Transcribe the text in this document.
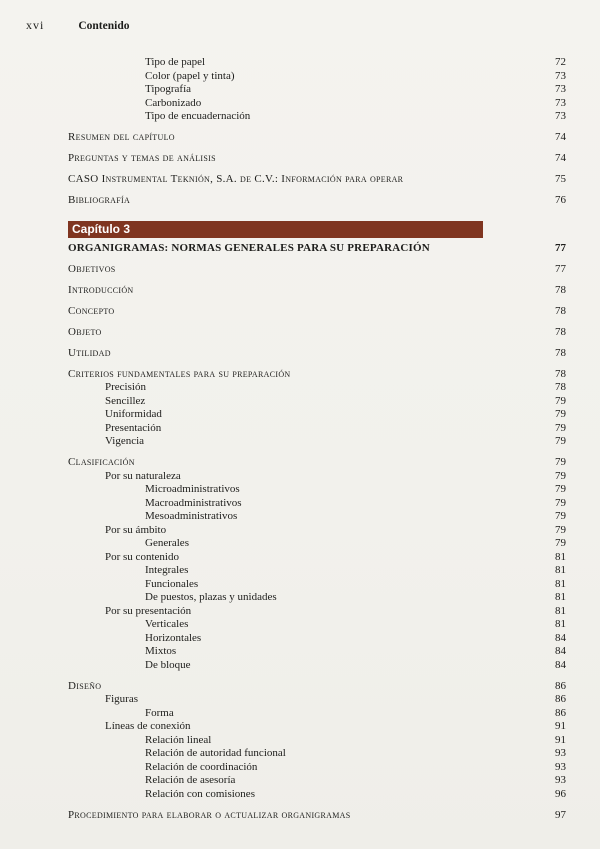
xvi	Contenido
Tipo de papel	72
Color (papel y tinta)	73
Tipografía	73
Carbonizado	73
Tipo de encuadernación	73
Resumen del capítulo	74
Preguntas y temas de análisis	74
CASO Instrumental Teknión, S.A. de C.V.: Información para operar	75
Bibliografía	76
Capítulo 3
ORGANIGRAMAS: NORMAS GENERALES PARA SU PREPARACIÓN	77
Objetivos	77
Introducción	78
Concepto	78
Objeto	78
Utilidad	78
Criterios fundamentales para su preparación	78
Precisión	78
Sencillez	79
Uniformidad	79
Presentación	79
Vigencia	79
Clasificación	79
Por su naturaleza	79
Microadministrativos	79
Macroadministrativos	79
Mesoadministrativos	79
Por su ámbito	79
Generales	79
Por su contenido	81
Integrales	81
Funcionales	81
De puestos, plazas y unidades	81
Por su presentación	81
Verticales	81
Horizontales	84
Mixtos	84
De bloque	84
Diseño	86
Figuras	86
Forma	86
Líneas de conexión	91
Relación lineal	91
Relación de autoridad funcional	93
Relación de coordinación	93
Relación de asesoría	93
Relación con comisiones	96
Procedimiento para elaborar o actualizar organigramas	97
